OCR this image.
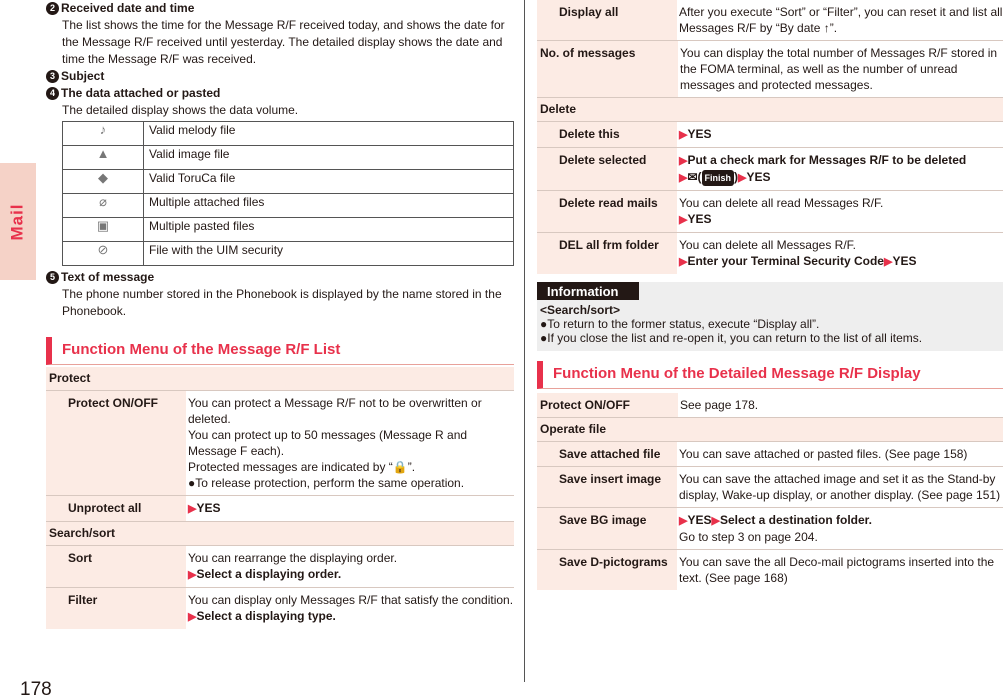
Mail
178
2 Received date and time
The list shows the time for the Message R/F received today, and shows the date for the Message R/F received until yesterday. The detailed display shows the date and time the Message R/F was received.
3 Subject
4 The data attached or pasted
The detailed display shows the data volume.
♪	Valid melody file
▲	Valid image file
◆	Valid ToruCa file
⌀	Multiple attached files
▣	Multiple pasted files
⊘	File with the UIM security
5 Text of message
The phone number stored in the Phonebook is displayed by the name stored in the Phonebook.
Function Menu of the Message R/F List
Protect
Protect ON/OFF	You can protect a Message R/F not to be overwritten or deleted.
You can protect up to 50 messages (Message R and Message F each).
Protected messages are indicated by “🔒”.
●To release protection, perform the same operation.
Unprotect all	▶YES
Search/sort
Sort	You can rearrange the displaying order.
▶Select a displaying order.
Filter	You can display only Messages R/F that satisfy the condition.
▶Select a displaying type.
Display all	After you execute “Sort” or “Filter”, you can reset it and list all Messages R/F by “By date ↑”.
No. of messages	You can display the total number of Messages R/F stored in the FOMA terminal, as well as the number of unread messages and protected messages.
Delete
Delete this	▶YES
Delete selected	▶Put a check mark for Messages R/F to be deleted
▶✉( Finish )▶YES
Delete read mails	You can delete all read Messages R/F.
▶YES
DEL all frm folder	You can delete all Messages R/F.
▶Enter your Terminal Security Code▶YES
Information
<Search/sort>
●To return to the former status, execute “Display all”.
●If you close the list and re-open it, you can return to the list of all items.
Function Menu of the Detailed Message R/F Display
Protect ON/OFF	See page 178.
Operate file
Save attached file	You can save attached or pasted files. (See page 158)
Save insert image	You can save the attached image and set it as the Stand-by display, Wake-up display, or another display. (See page 151)
Save BG image	▶YES▶Select a destination folder.
Go to step 3 on page 204.
Save D-pictograms You can save the all Deco-mail pictograms inserted into the text. (See page 168)
